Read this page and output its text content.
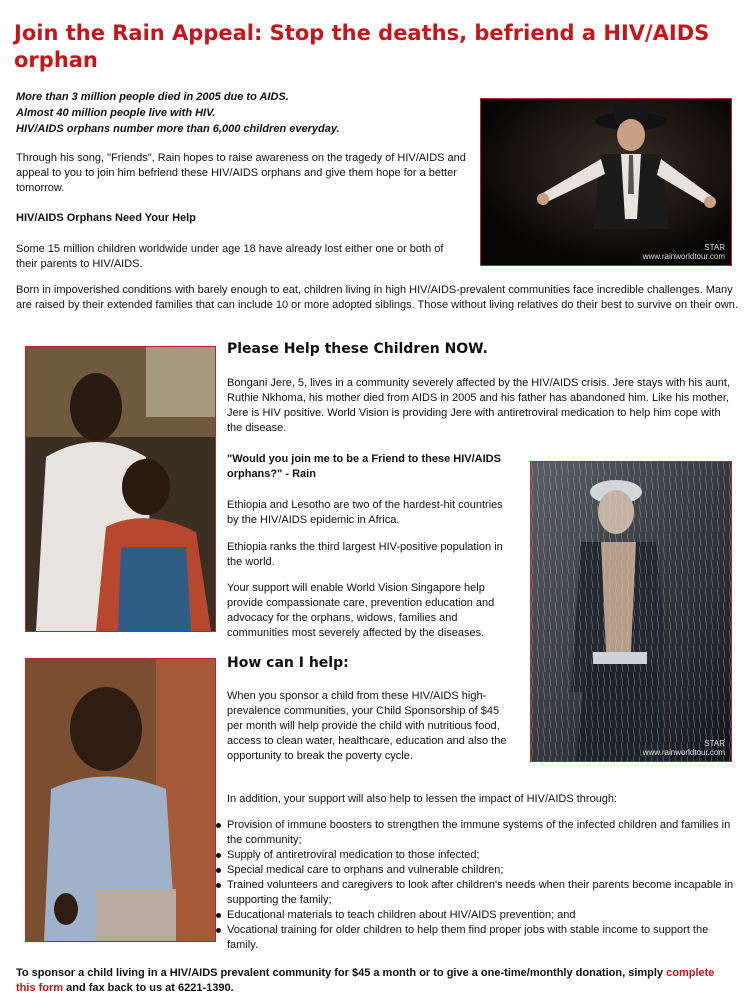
Join the Rain Appeal: Stop the deaths, befriend a HIV/AIDS orphan
More than 3 million people died in 2005 due to AIDS.
Almost 40 million people live with HIV.
HIV/AIDS orphans number more than 6,000 children everyday.

Through his song, "Friends", Rain hopes to raise awareness on the tragedy of HIV/AIDS and appeal to you to join him befriend these HIV/AIDS orphans and give them hope for a better tomorrow.

HIV/AIDS Orphans Need Your Help

Some 15 million children worldwide under age 18 have already lost either one or both of their parents to HIV/AIDS.

Born in impoverished conditions with barely enough to eat, children living in high HIV/AIDS-prevalent communities face incredible challenges. Many are raised by their extended families that can include 10 or more adopted siblings. Those without living relatives do their best to survive on their own.

STAR
www.rainworldtour.com
Please Help these Children NOW.

Bongani Jere, 5, lives in a community severely affected by the HIV/AIDS crisis. Jere stays with his aunt, Ruthie Nkhoma, his mother died from AIDS in 2005 and his father has abandoned him. Like his mother, Jere is HIV positive. World Vision is providing Jere with antiretroviral medication to help him cope with the disease.

"Would you join me to be a Friend to these HIV/AIDS orphans?" - Rain

Ethiopia and Lesotho are two of the hardest-hit countries by the HIV/AIDS epidemic in Africa.

Ethiopia ranks the third largest HIV-positive population in the world.

Your support will enable World Vision Singapore help provide compassionate care, prevention education and advocacy for the orphans, widows, families and communities most severely affected by the diseases.

STAR
www.rainworldtour.com
How can I help:

When you sponsor a child from these HIV/AIDS high-prevalence communities, your Child Sponsorship of $45 per month will help provide the child with nutritious food, access to clean water, healthcare, education and also the opportunity to break the poverty cycle.

In addition, your support will also help to lessen the impact of HIV/AIDS through:

Provision of immune boosters to strengthen the immune systems of the infected children and families in the community;
Supply of antiretroviral medication to those infected;
Special medical care to orphans and vulnerable children;
Trained volunteers and caregivers to look after children's needs when their parents become incapable in supporting the family;
Educational materials to teach children about HIV/AIDS prevention; and
Vocational training for older children to help them find proper jobs with stable income to support the family.

To sponsor a child living in a HIV/AIDS prevalent community for $45 a month or to give a one-time/monthly donation, simply complete this form and fax back to us at 6221-1390.
